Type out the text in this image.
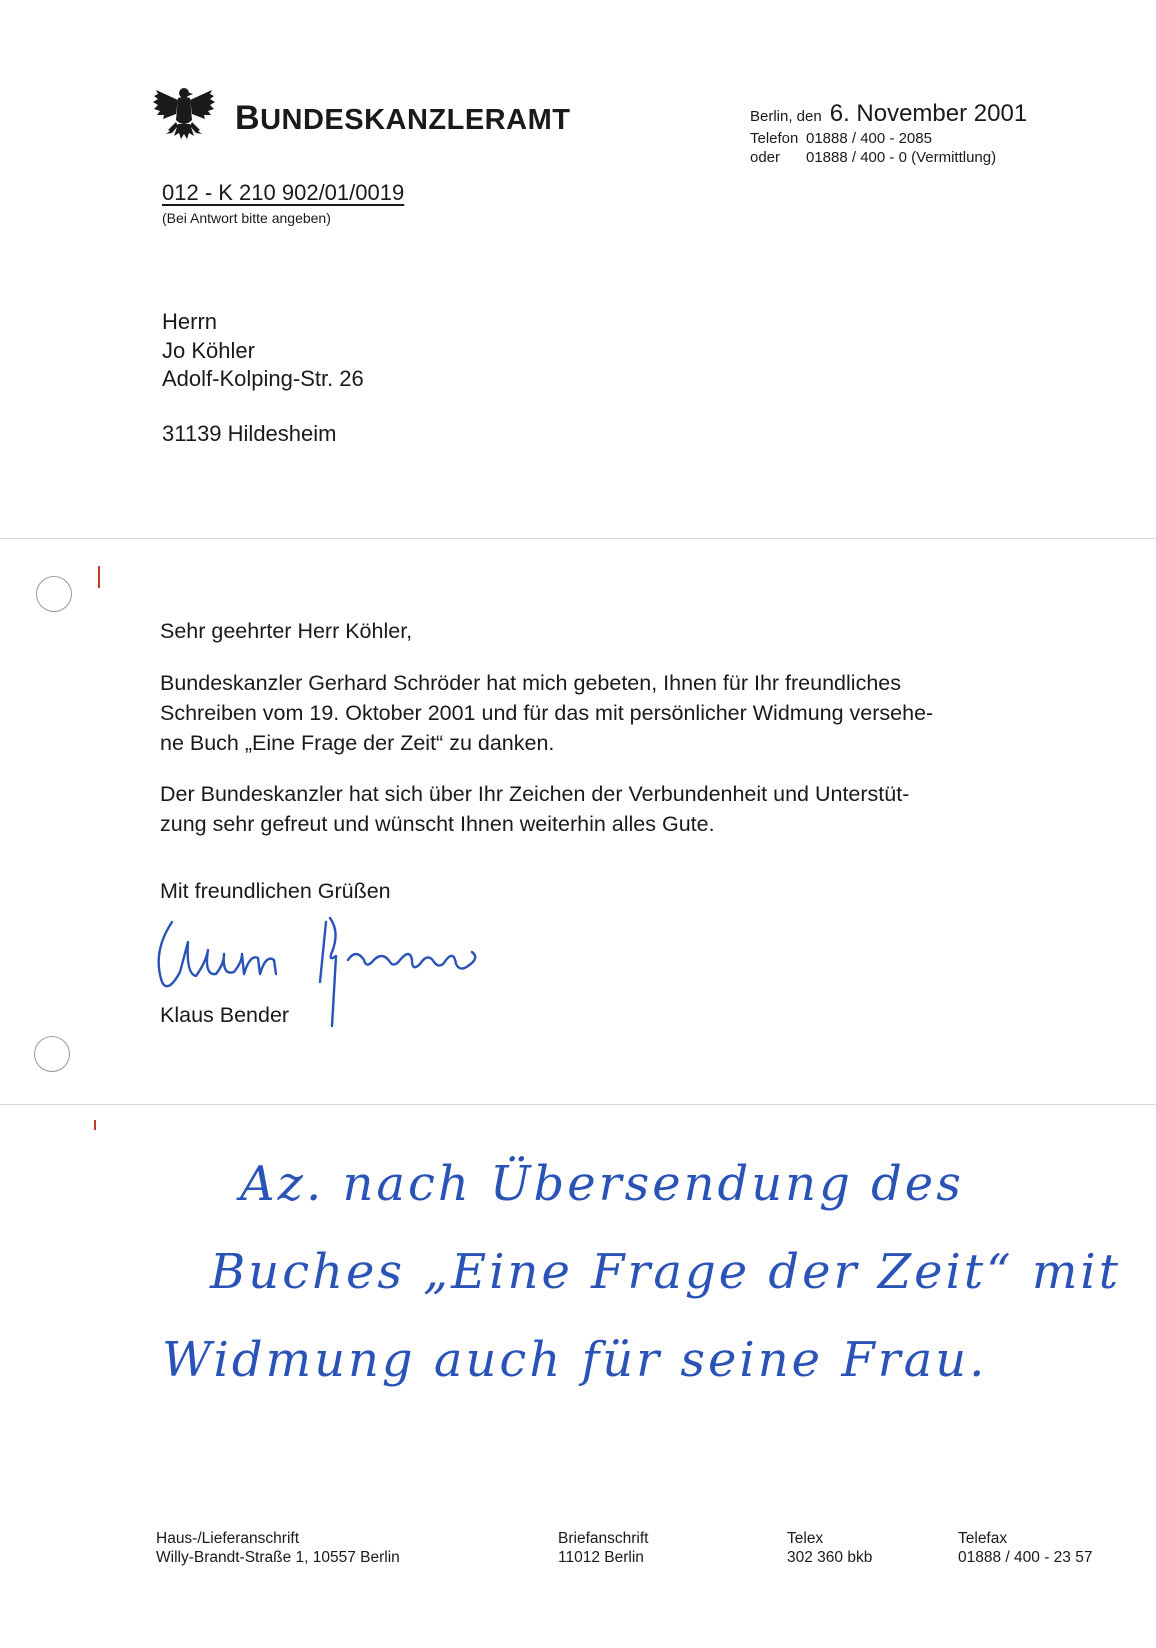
BUNDESKANZLERAMT	Berlin, den 6. November 2001
Telefon 01888 / 400 - 2085
oder	01888 / 400 - 0 (Vermittlung)
012 - K 210 902/01/0019
(Bei Antwort bitte angeben)
Herrn
Jo Köhler
Adolf-Kolping-Str. 26
31139 Hildesheim
Sehr geehrter Herr Köhler,
Bundeskanzler Gerhard Schröder hat mich gebeten, Ihnen für Ihr freundliches
Schreiben vom 19. Oktober 2001 und für das mit persönlicher Widmung versehe-
ne Buch „Eine Frage der Zeit“ zu danken.
Der Bundeskanzler hat sich über Ihr Zeichen der Verbundenheit und Unterstüt-
zung sehr gefreut und wünscht Ihnen weiterhin alles Gute.
Mit freundlichen Grüßen
Klaus Bender
Az. nach Übersendung des
Buches „Eine Frage der Zeit“ mit
Widmung auch für seine Frau.
Haus-/Lieferanschrift
Willy-Brandt-Straße 1, 10557 Berlin
Briefanschrift
11012 Berlin
Telex
302 360 bkb
Telefax
01888 / 400 - 23 57
